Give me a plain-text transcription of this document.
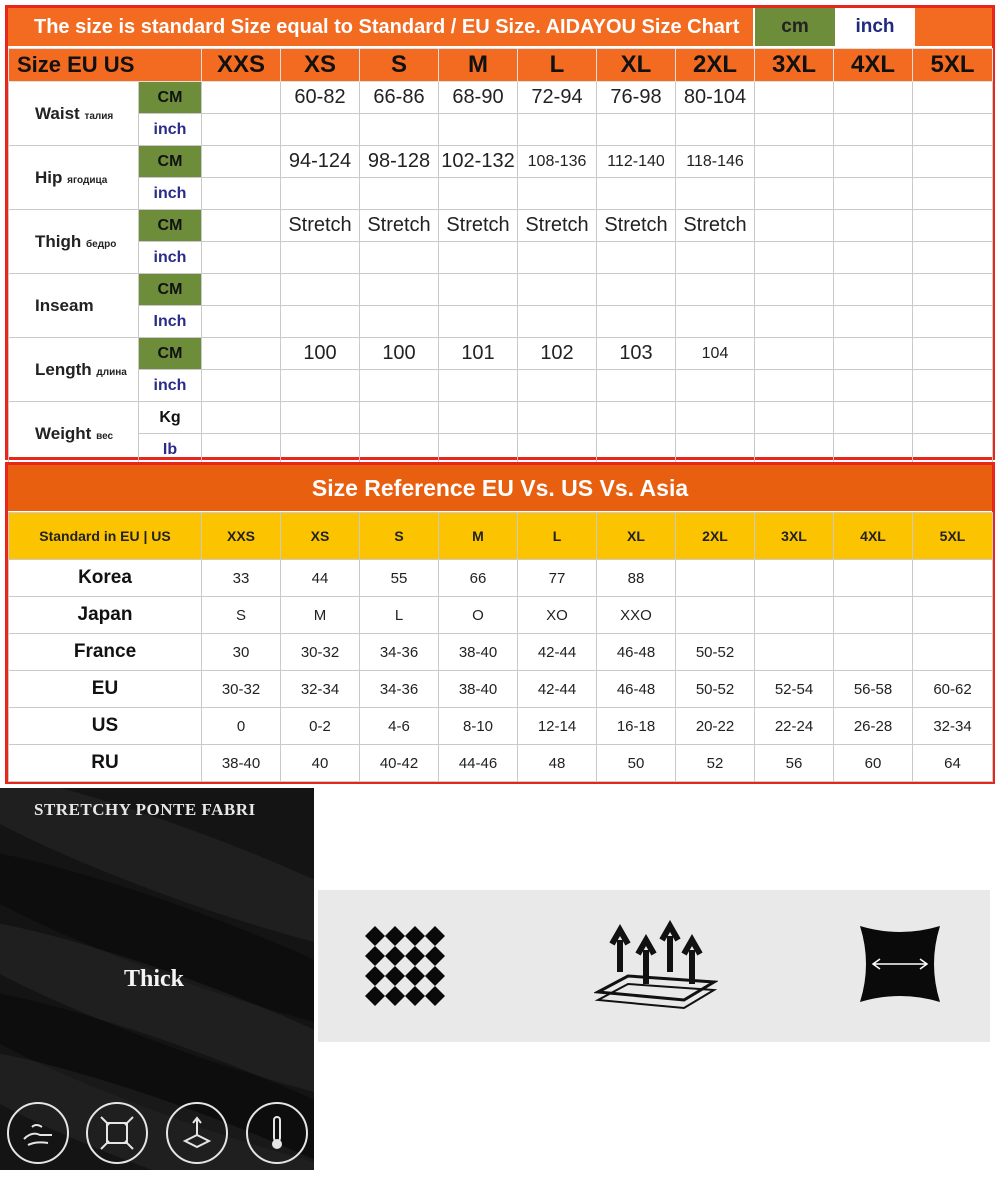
The size is standard Size equal to Standard / EU Size. AIDAYOU Size Chart	cm	inch
Size EU US		XXS	XS	S	M	L	XL	2XL	3XL	4XL	5XL
Waist талия	CM		60-82	66-86	68-90	72-94	76-98	80-104			
	inch										
Hip ягодица	CM		94-124	98-128	102-132	108-136	112-140	118-146			
	inch										
Thigh бедро	CM		Stretch	Stretch	Stretch	Stretch	Stretch	Stretch			
	inch										
Inseam	CM										
	Inch										
Length длина	CM		100	100	101	102	103	104			
	inch										
Weight вес	Kg										
	Ib										
Size Reference EU Vs. US Vs. Asia
Standard in EU | US	XXS	XS	S	M	L	XL	2XL	3XL	4XL	5XL
Korea	33	44	55	66	77	88				
Japan	S	M	L	O	XO	XXO				
France	30	30-32	34-36	38-40	42-44	46-48	50-52			
EU	30-32	32-34	34-36	38-40	42-44	46-48	50-52	52-54	56-58	60-62
US	0	0-2	4-6	8-10	12-14	16-18	20-22	22-24	26-28	32-34
RU	38-40	40	40-42	44-46	48	50	52	56	60	64
STRETCHY PONTE FABRI
Thick
